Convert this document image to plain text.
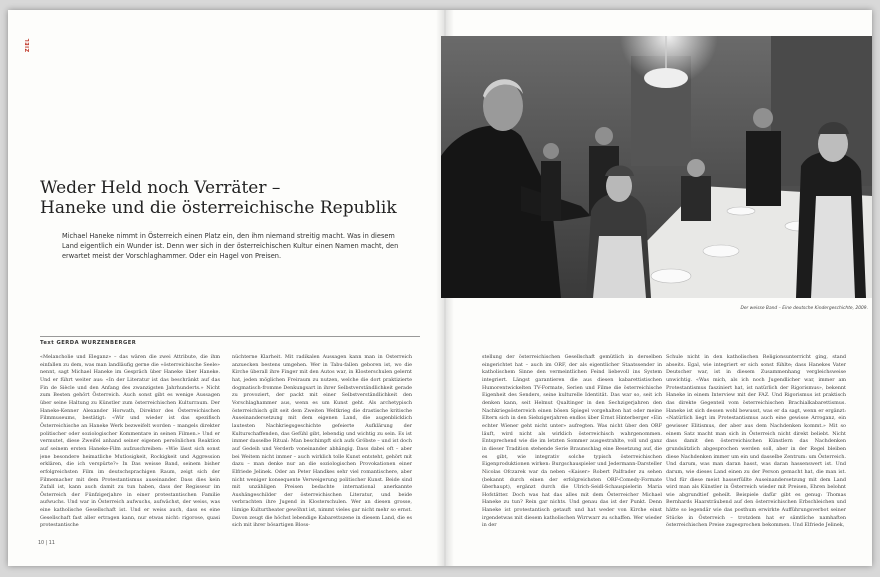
ZIEL
Weder Held noch Verräter –
Haneke und die österreichische Republik

Michael Haneke nimmt in Österreich einen Platz ein, den ihm niemand streitig macht. Was in diesem Land eigentlich ein Wunder ist. Denn wer sich in der österreichischen Kultur einen Namen macht, den erwartet meist der Vorschlaghammer. Oder ein Hagel von Preisen.

Text GERDA WURZENBERGER

«Melancholie und Eleganz» – das wären die zwei Attribute, die ihm einfallen zu dem, was man landläufig gerne die «österreichische Seele» nennt, sagt Michael Haneke im Gespräch über Haneke über Haneke. Und er führt weiter aus: «In der Literatur ist das beschränkt auf das Fin de Siècle und den Anfang des zwanzigsten Jahrhunderts.» Nicht zum Besten gehört Österreich. Auch sonst gibt es wenige Aussagen über seine Haltung zu Künstler zum österreichischen Kulturraum. Der Haneke-Kenner Alexander Horwath, Direktor des Österreichischen Filmmuseums, bestätigt: «Wir und wieder ist das spezifisch Österreichische an Haneke Werk bezweifelt worden – mangels direkter politischer oder soziologischer Kommentare in seinen Filmen.» Und er vermutet, diese Zweifel anhand seiner eigenen persönlichen Reaktion auf seinem ersten Haneke-Film aufzuschreiben: «Wie lässt sich sonst jene besondere heimatliche Mutlosigkeit, Rockigkeit und Aggression erklären, die ich verspürte?» In Das weisse Band, seinem bisher erfolgreichsten Film im deutschsprachigen Raum, zeigt sich der Filmemacher mit dem Protestantismus auseinander. Dass dies kein Zufall ist, kann auch damit zu tun haben, dass der Regisseur im Österreich der Fünfzigerjahre in einer protestantischen Familie aufwuchs. Und war in Österreich aufwuchs, aufwächst, der weiss, was eine katholische Gesellschaft ist. Und er weiss auch, dass es eine Gesellschaft fast aller ertragen kann, nur etwas nicht: rigorose, quasi protestantische

nüchterne Klarheit. Mit radikalen Aussagen kann man in Österreich anzuecken bestens umgehen. Wer in Tabu-fallen geboren ist, wo die Kirche überall ihre Finger mit den Autos war, in Klosterschulen gelernt hat, jeden möglichen Freiraum zu nutzen, welche die dort praktizierte dogmatisch-fromme Denkungsart in ihrer Selbstverständlichkeit gerade zu provoziert, der packt mit einer Selbstverständlichkeit den Vorschlaghammer aus, wenn es um Kunst geht. Als archetypisch österreichisch gilt seit dem Zweiten Weltkrieg die drastische kritische Auseinandersetzung mit dem eigenen Land, die augenblicklich lautesten Nachkriegsgeschichte gefeierte Aufklärung der Kulturschaffenden, das Gefühl gibt, lebendig und wichtig zu sein. Es ist immer dasselbe Ritual: Man beschimpft sich aufs Gröbste – und ist doch auf Gedeih und Verderb voneinander abhängig. Dass dabei oft – aber bei Weitem nicht immer – auch wirklich tolle Kunst entsteht, gehört mit dazu – man denke nur an die soziologischen Provokationen einer Elfriede Jelinek. Oder an Peter Handkes sehr viel romantischere, aber nicht weniger konsequente Verweigerung politischer Kunst. Beide sind mit unzähligen Preisen bedachte international anerkannte Aushängeschilder der österreichischen Literatur, und beide verbrachten ihre Jugend in Klosterschulen. Wer an diesen grosse, lümige Kulturtheater gewöhnt ist, nimmt vieles gar nicht mehr so ernst. Davon zeugt die höchst lebendige Kabarettszene in diesem Land, die es sich mit ihrer bösartigen Bloss-

stellung der österreichischen Gesellschaft gemütlich in derselben eingerichtet hat – auch im ORF, der als eigentlicher Staatssender in katholischem Sinne den vermeintlichen Feind liebevoll ins System integriert. Längst garantieren die aus diesen kabarettistischen Humorentwickelten TV-Formate, Serien und Filme die österreichische Eigenheit des Senders, seine kulturelle Identität. Das war so, seit ich denken kann, seit Helmut Qualtinger in den Sechzigerjahren den Nachkriegsösterreich einen bösen Spiegel vorgehalten hat oder meine Eltern sich in den Siebzigerjahren endlos über Ernst Hinterberger «Ein echter Wiener geht nicht unter» aufregten. Was nicht über den ORF läuft, wird nicht als wirklich österreichisch wahrgenommen. Entsprechend wie die im letzten Sommer ausgestrahlte, voll und ganz in dieser Tradition stehende Serie Braunschlag eine Besetzung auf, die es gibt, wie integrativ solche typisch österreichischen Eigenproduktionen wirken: Burgschauspieler und Jedermann-Darsteller Nicolas Ofczarek war da neben «Kaiser» Robert Palfrader zu sehen (bekannt durch einen der erfolgreichsten ORF-Comedy-Formate überhaupt), ergänzt durch die Ulrich-Seidl-Schauspielerin Maria Hofstätter. Doch was hat das alles mit dem Österreicher Michael Haneke zu tun? Rein gar nichts. Und genau das ist der Punkt. Denn Haneke ist protestantisch getauft und hat weder von Kirche einst irgendetwas mit diesem katholischen Wirrwarr zu schaffen. Wer wieder in der

Schule nicht in den katholischen Religionsunterricht ging, stand abseits. Egal, wie integriert er sich sonst fühlte; dass Hanekes Vater Deutscher war, ist in diesem Zusammenhang vergleichsweise unwichtig. «Was mich, als ich noch Jugendlicher war, immer am Protestantismus fasziniert hat, ist natürlich der Rigorismus», bekennt Haneke in einem Interview mit der FAZ. Und Rigorismus ist praktisch das direkte Gegenteil vom österreichischen Brachialkabarettismus. Haneke ist sich dessen wohl bewusst, was er da sagt, wenn er ergänzt: «Natürlich liegt im Protestantismus auch eine gewisse Arroganz, ein gewisser Elitismus, der aber aus dem Nachdenken kommt.» Mit so einem Satz macht man sich in Österreich nicht direkt beliebt. Nicht dass damit den österreichischen Künstlern das Nachdenken grundsätzlich abgesprochen werden soll, aber in der Regel bleiben diese Nachdenken immer um ein und dasselbe Zentrum: um Österreich. Und darum, was man daran hasst, was daran hassenswert ist. Und darum, wie dieses Land einen zu der Person gemacht hat, die man ist. Und für diese meist hasserfüllte Auseinandersetzung mit dem Land wird man als Künstler in Österreich wieder mit Preisen, Ehren belohnt wie abgrundtief geheilt. Beispiele dafür gibt es genug: Thomas Bernhards Haarsträubend auf den österreichischen Erbschleichen und hätte so legendär wie das posthum erwirkte Aufführungsverbot seiner Stücke in Österreich – trotzdem hat er sämtliche namhaften österreichischen Preise zugesprochen bekommen. Und Elfriede Jelinek,

Der weisse Band – Eine deutsche Kindergeschichte, 2009.

10 | 11
